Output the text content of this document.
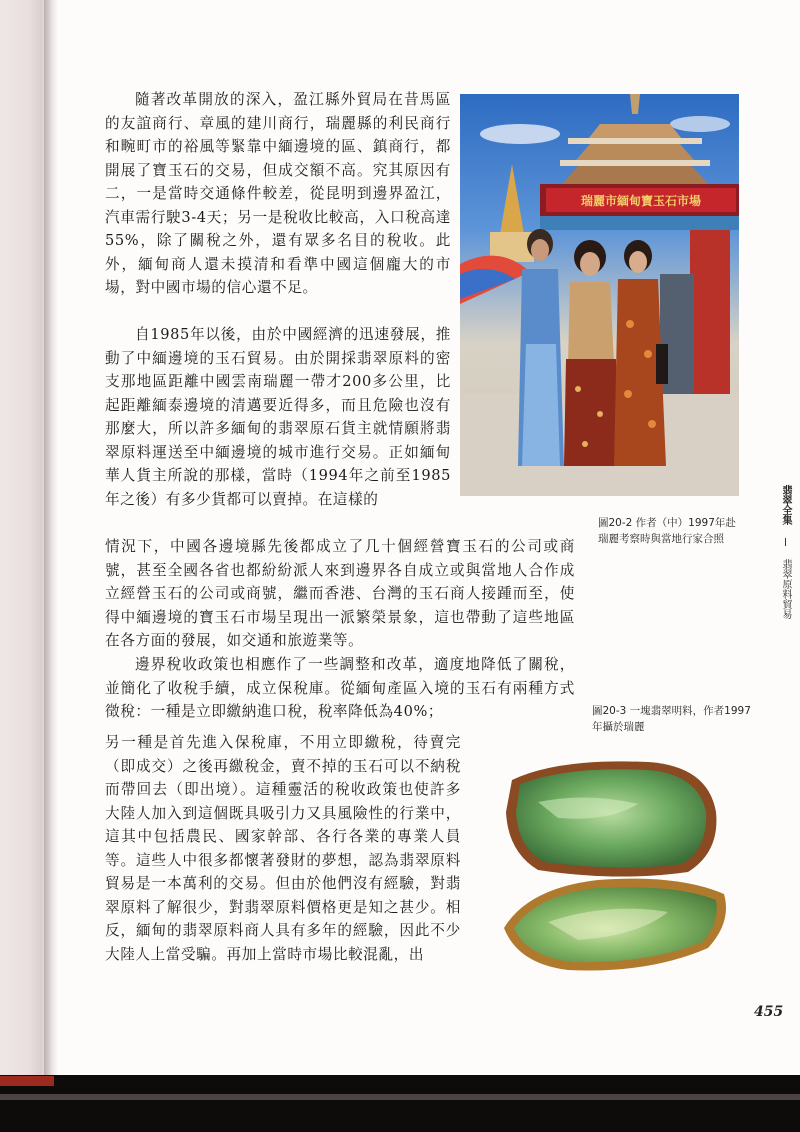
隨著改革開放的深入，盈江縣外貿局在昔馬區的友誼商行、章風的建川商行，瑞麗縣的利民商行和畹町市的裕風等緊靠中緬邊境的區、鎮商行，都開展了寶玉石的交易，但成交額不高。究其原因有二，一是當時交通條件較差，從昆明到邊界盈江，汽車需行駛3-4天；另一是稅收比較高，入口稅高達55%，除了關稅之外，還有眾多名目的稅收。此外，緬甸商人還未摸清和看準中國這個龐大的市場，對中國市場的信心還不足。

自1985年以後，由於中國經濟的迅速發展，推動了中緬邊境的玉石貿易。由於開採翡翠原料的密支那地區距離中國雲南瑞麗一帶才200多公里，比起距離緬泰邊境的清邁要近得多，而且危險也沒有那麼大，所以許多緬甸的翡翠原石貨主就情願將翡翠原料運送至中緬邊境的城市進行交易。正如緬甸華人貨主所說的那樣，當時（1994年之前至1985年之後）有多少貨都可以賣掉。在這樣的

情況下，中國各邊境縣先後都成立了几十個經營寶玉石的公司或商號，甚至全國各省也都紛紛派人來到邊界各自成立或與當地人合作成立經營玉石的公司或商號，繼而香港、台灣的玉石商人接踵而至，使得中緬邊境的寶玉石市場呈現出一派繁榮景象，這也帶動了這些地區在各方面的發展，如交通和旅遊業等。

邊界稅收政策也相應作了一些調整和改革，適度地降低了關稅，並簡化了收稅手續，成立保稅庫。從緬甸產區入境的玉石有兩種方式徵稅：一種是立即繳納進口稅，稅率降低為40%；

另一種是首先進入保稅庫，不用立即繳稅，待賣完（即成交）之後再繳稅金，賣不掉的玉石可以不納稅而帶回去（即出境）。這種靈活的稅收政策也使許多大陸人加入到這個既具吸引力又具風險性的行業中，這其中包括農民、國家幹部、各行各業的專業人員等。這些人中很多都懷著發財的夢想，認為翡翠原料貿易是一本萬利的交易。但由於他們沒有經驗，對翡翠原料了解很少，對翡翠原料價格更是知之甚少。相反，緬甸的翡翠原料商人具有多年的經驗，因此不少大陸人上當受騙。再加上當時市場比較混亂，出

瑞麗市緬甸寶玉石市場

圖20-2 作者（中）1997年赴瑞麗考察時與當地行家合照

圖20-3 一塊翡翠明料，作者1997年攝於瑞麗

翡翠全集  翡翠原料貿易
455
